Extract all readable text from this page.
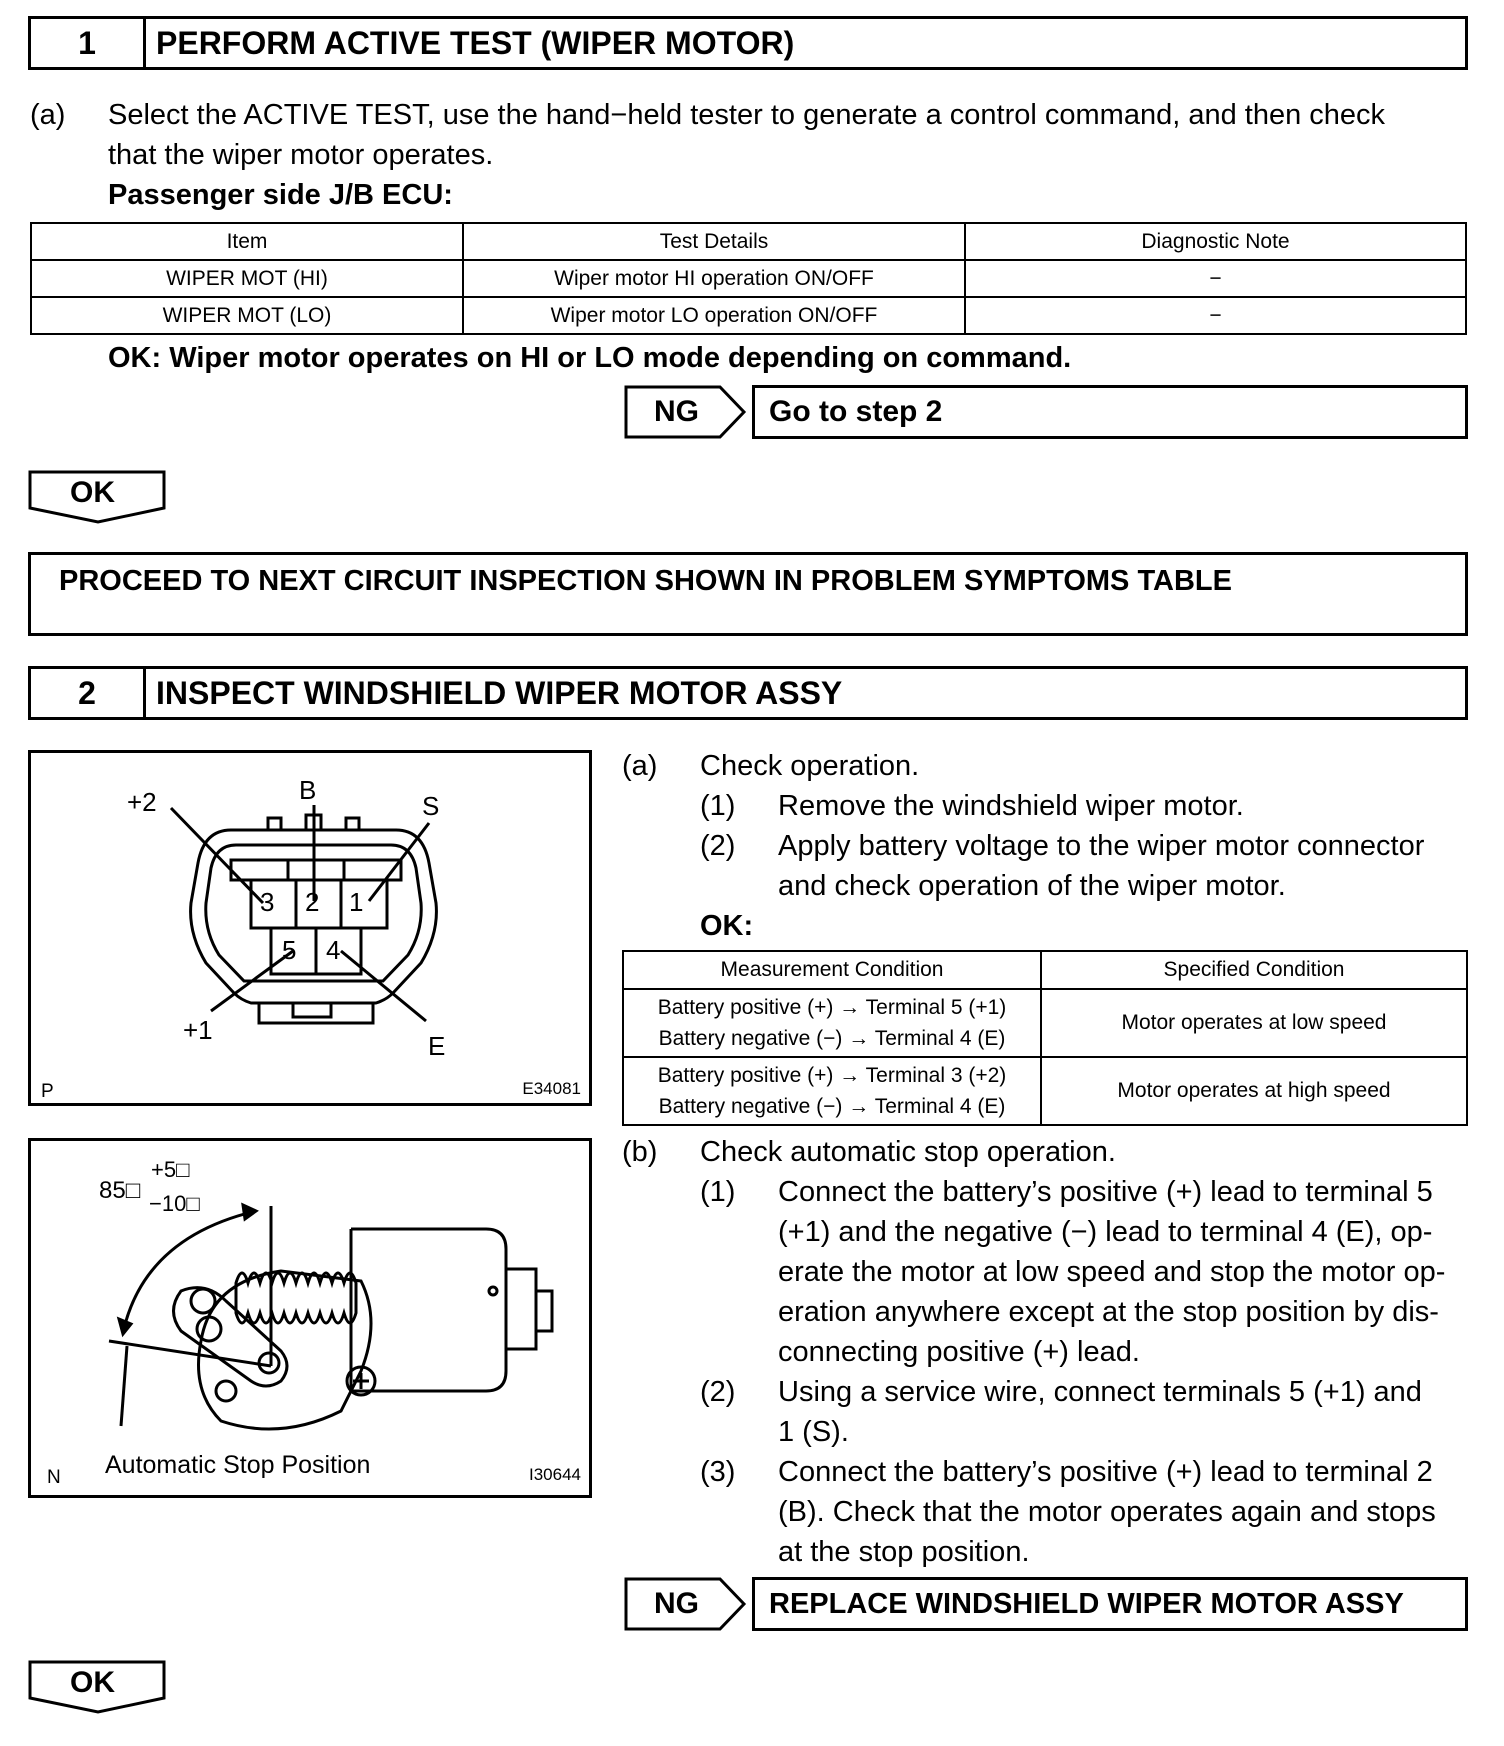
1	PERFORM ACTIVE TEST (WIPER MOTOR)
(a) Select the ACTIVE TEST, use the hand−held tester to generate a control command, and then check
that the wiper motor operates.
Passenger side J/B ECU:
Item	Test Details	Diagnostic Note
WIPER MOT (HI)	Wiper motor HI operation ON/OFF	−
WIPER MOT (LO)	Wiper motor LO operation ON/OFF	−
OK: Wiper motor operates on HI or LO mode depending on command.
NG	Go to step 2
OK
PROCEED TO NEXT CIRCUIT INSPECTION SHOWN IN PROBLEM SYMPTOMS TABLE
2	INSPECT WINDSHIELD WIPER MOTOR ASSY
+2	B
S
+1
E
3 2 1
5 4
P	E34081
85□
+5□
−10□
Automatic Stop Position
N	I30644
(a) Check operation.
(1) Remove the windshield wiper motor.
(2) Apply battery voltage to the wiper motor connector
and check operation of the wiper motor.
OK:
Measurement Condition	Specified Condition

Battery positive (+) → Terminal 5 (+1)
Battery negative (−) → Terminal 4 (E)	Motor operates at low speed

Battery positive (+) → Terminal 3 (+2)
Battery negative (−) → Terminal 4 (E)	Motor operates at high speed
(b) Check automatic stop operation.
(1) Connect the battery’s positive (+) lead to terminal 5
(+1) and the negative (−) lead to terminal 4 (E), op-
erate the motor at low speed and stop the motor op-
eration anywhere except at the stop position by dis-
connecting positive (+) lead.
(2) Using a service wire, connect terminals 5 (+1) and
1 (S).
(3) Connect the battery’s positive (+) lead to terminal 2
(B). Check that the motor operates again and stops
at the stop position.
NG	REPLACE WINDSHIELD WIPER MOTOR ASSY
OK
